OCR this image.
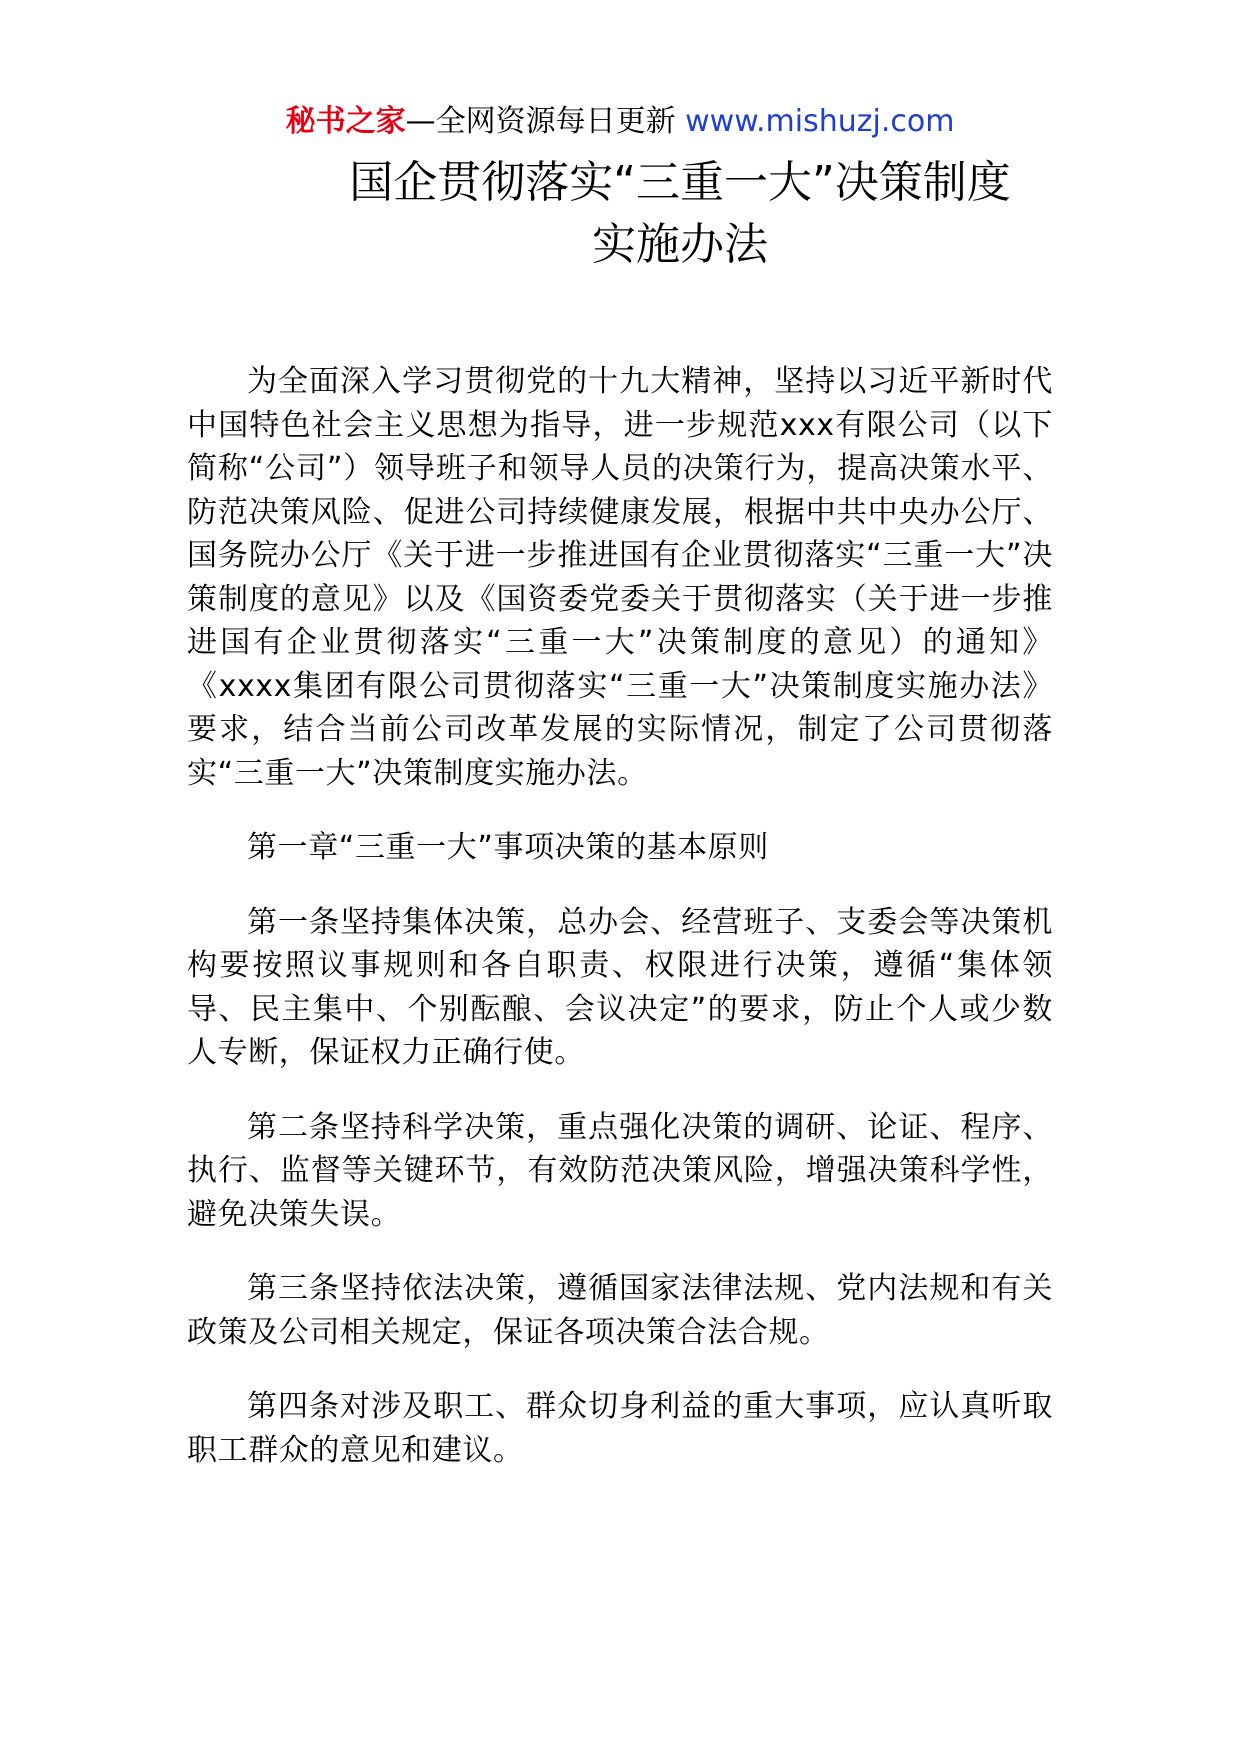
秘书之家—全网资源每日更新 www.mishuzj.com
国企贯彻落实“三重一大”决策制度
实施办法

为全面深入学习贯彻党的十九大精神，坚持以习近平新时代中国特色社会主义思想为指导，进一步规范xxx有限公司（以下简称“公司”）领导班子和领导人员的决策行为，提高决策水平、防范决策风险、促进公司持续健康发展，根据中共中央办公厅、国务院办公厅《关于进一步推进国有企业贯彻落实“三重一大”决策制度的意见》以及《国资委党委关于贯彻落实（关于进一步推进国有企业贯彻落实“三重一大”决策制度的意见）的通知》《xxxx集团有限公司贯彻落实“三重一大”决策制度实施办法》要求，结合当前公司改革发展的实际情况，制定了公司贯彻落实“三重一大”决策制度实施办法。

第一章“三重一大”事项决策的基本原则

第一条坚持集体决策，总办会、经营班子、支委会等决策机构要按照议事规则和各自职责、权限进行决策，遵循“集体领导、民主集中、个别酝酿、会议决定”的要求，防止个人或少数人专断，保证权力正确行使。

第二条坚持科学决策，重点强化决策的调研、论证、程序、执行、监督等关键环节，有效防范决策风险，增强决策科学性，避免决策失误。

第三条坚持依法决策，遵循国家法律法规、党内法规和有关政策及公司相关规定，保证各项决策合法合规。

第四条对涉及职工、群众切身利益的重大事项，应认真听取职工群众的意见和建议。
